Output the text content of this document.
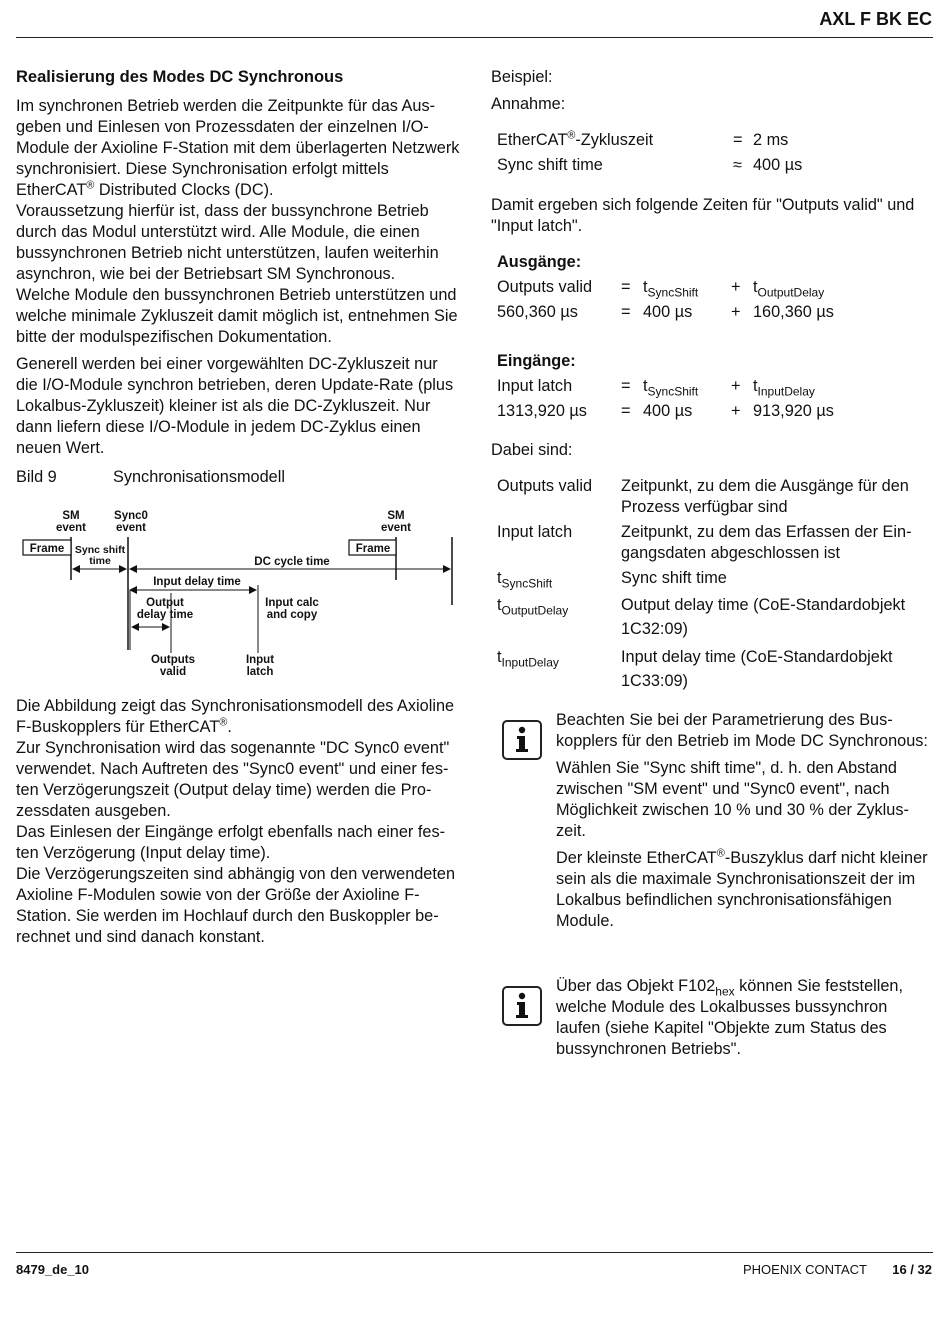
AXL F BK EC
Realisierung des Modes DC Synchronous

Im synchronen Betrieb werden die Zeitpunkte für das Ausgeben und Einlesen von Prozessdaten der einzelnen I/O-Module der Axioline F-Station mit dem überlagerten Netzwerk synchronisiert. Diese Synchronisation erfolgt mittels EtherCAT® Distributed Clocks (DC).

Voraussetzung hierfür ist, dass der bussynchrone Betrieb durch das Modul unterstützt wird. Alle Module, die einen bussynchronen Betrieb nicht unterstützen, laufen weiterhin asynchron, wie bei der Betriebsart SM Synchronous.

Welche Module den bussynchronen Betrieb unterstützen und welche minimale Zykluszeit damit möglich ist, entnehmen Sie bitte der modulspezifischen Dokumentation.

Generell werden bei einer vorgewählten DC-Zykluszeit nur die I/O-Module synchron betrieben, deren Update-Rate (plus Lokalbus-Zykluszeit) kleiner ist als die DC-Zykluszeit. Nur dann liefern diese I/O-Module in jedem DC-Zyklus einen neuen Wert.

Bild 9	Synchronisationsmodell
SM
event
Sync0
event
SM
event
Frame	Frame
Sync shift
time	DC cycle time
Input delay time
Output
delay time
Input calc
and copy
Outputs
valid
Input
latch

Die Abbildung zeigt das Synchronisationsmodell des Axioline F-Buskopplers für EtherCAT®.

Zur Synchronisation wird das sogenannte "DC Sync0 event" verwendet. Nach Auftreten des "Sync0 event" und einer festen Verzögerungszeit (Output delay time) werden die Prozessdaten ausgeben.

Das Einlesen der Eingänge erfolgt ebenfalls nach einer festen Verzögerung (Input delay time).

Die Verzögerungszeiten sind abhängig von den verwendeten Axioline F-Modulen sowie von der Größe der Axioline F-Station. Sie werden im Hochlauf durch den Buskoppler berechnet und sind danach konstant.

Beispiel:
Annahme:
EtherCAT®-Zykluszeit	=	2 ms
Sync shift time	≈	400 µs
Damit ergeben sich folgende Zeiten für "Outputs valid" und "Input latch".
Ausgänge:
Outputs valid	=	$t_{SyncShift}$	+	$t_{OutputDelay}$
560,360 µs	=	400 µs	+	160,360 µs
Eingänge:
Input latch	=	$t_{SyncShift}$	+	$t_{InputDelay}$
1313,920 µs	=	400 µs	+	913,920 µs
Dabei sind:
Outputs valid	Zeitpunkt, zu dem die Ausgänge für den Prozess verfügbar sind
Input latch	Zeitpunkt, zu dem das Erfassen der Eingangsdaten abgeschlossen ist
$t_{SyncShift}$	Sync shift time
$t_{OutputDelay}$	Output delay time (CoE-Standardobjekt 1C32:09)
$t_{InputDelay}$	Input delay time (CoE-Standardobjekt 1C33:09)

Beachten Sie bei der Parametrierung des Buskopplers für den Betrieb im Mode DC Synchronous:

Wählen Sie "Sync shift time", d. h. den Abstand zwischen "SM event" und "Sync0 event", nach Möglichkeit zwischen 10 % und 30 % der Zykluszeit.

Der kleinste EtherCAT®-Buszyklus darf nicht kleiner sein als die maximale Synchronisationszeit der im Lokalbus befindlichen synchronisationsfähigen Module.

Über das Objekt $F102_{hex}$ können Sie feststellen, welche Module des Lokalbusses bussynchron laufen (siehe Kapitel "Objekte zum Status des bussynchronen Betriebs".

8479_de_10	PHOENIX CONTACT 16 / 32
